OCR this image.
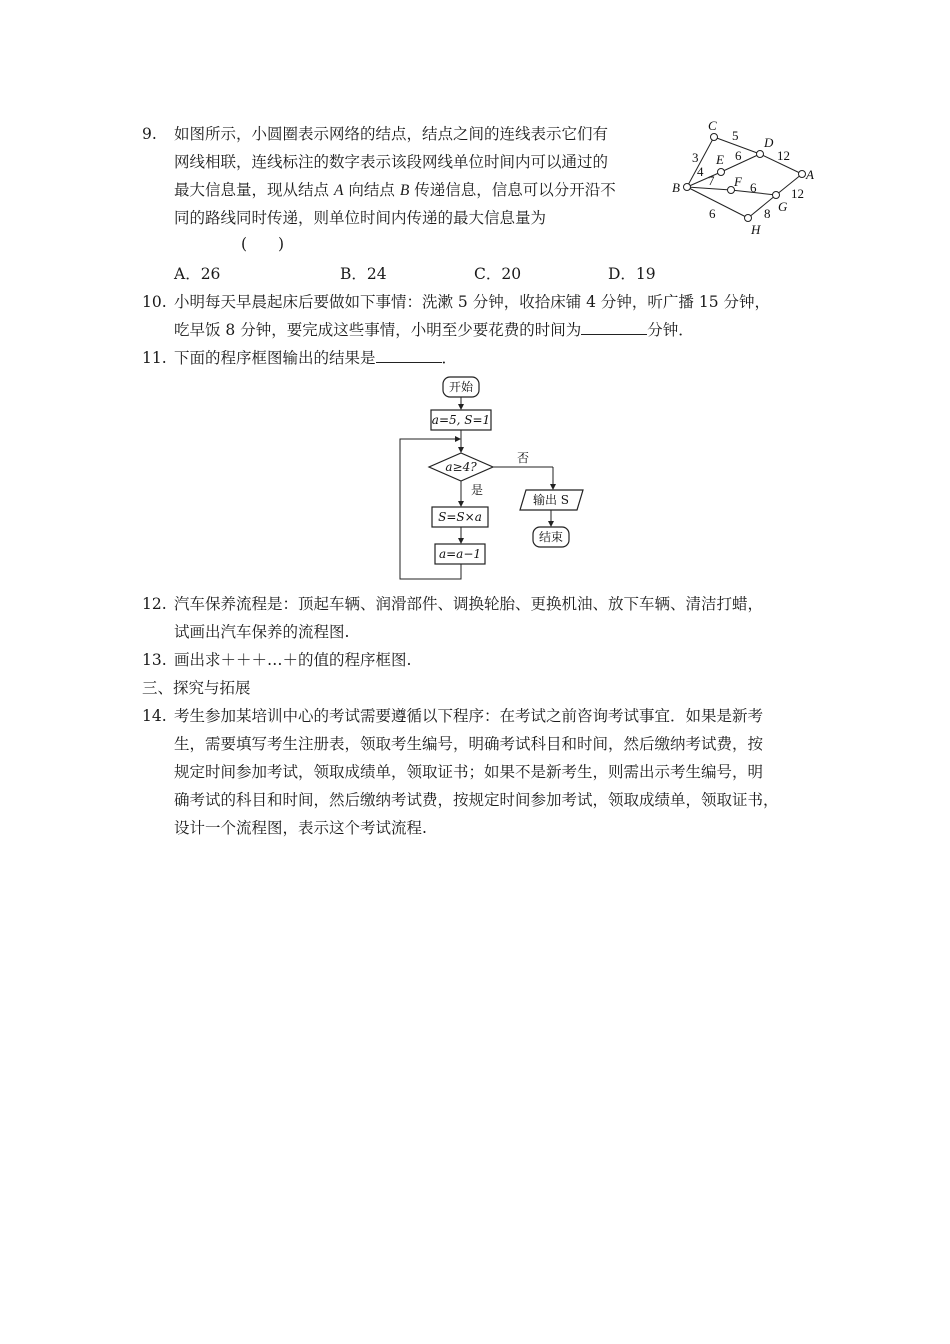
9. 如图所示，小圆圈表示网络的结点，结点之间的连线表示它们有
网线相联，连线标注的数字表示该段网线单位时间内可以通过的
最大信息量，现从结点 A 向结点 B 传递信息，信息可以分开沿不
同的路线同时传递，则单位时间内传递的最大信息量为
(　　)
A．26	B．24	C．20	D．19
C
D
E
F	A
B
G
H
5
3	12
4
6
7	6	12
6	8
10. 小明每天早晨起床后要做如下事情：洗漱 5 分钟，收拾床铺 4 分钟，听广播 15 分钟，
吃早饭 8 分钟，要完成这些事情，小明至少要花费的时间为	分钟．
11. 下面的程序框图输出的结果是	．
开始
a=5, S=1
a≥4?
否
输出 S
结束
是
S=S×a
a=a−1
12. 汽车保养流程是：顶起车辆、润滑部件、调换轮胎、更换机油、放下车辆、清洁打蜡，
试画出汽车保养的流程图.
13. 画出求＋＋＋…＋的值的程序框图.
三、探究与拓展
14. 考生参加某培训中心的考试需要遵循以下程序：在考试之前咨询考试事宜．如果是新考
生，需要填写考生注册表，领取考生编号，明确考试科目和时间，然后缴纳考试费，按
规定时间参加考试，领取成绩单，领取证书；如果不是新考生，则需出示考生编号，明
确考试的科目和时间，然后缴纳考试费，按规定时间参加考试，领取成绩单，领取证书，
设计一个流程图，表示这个考试流程.
